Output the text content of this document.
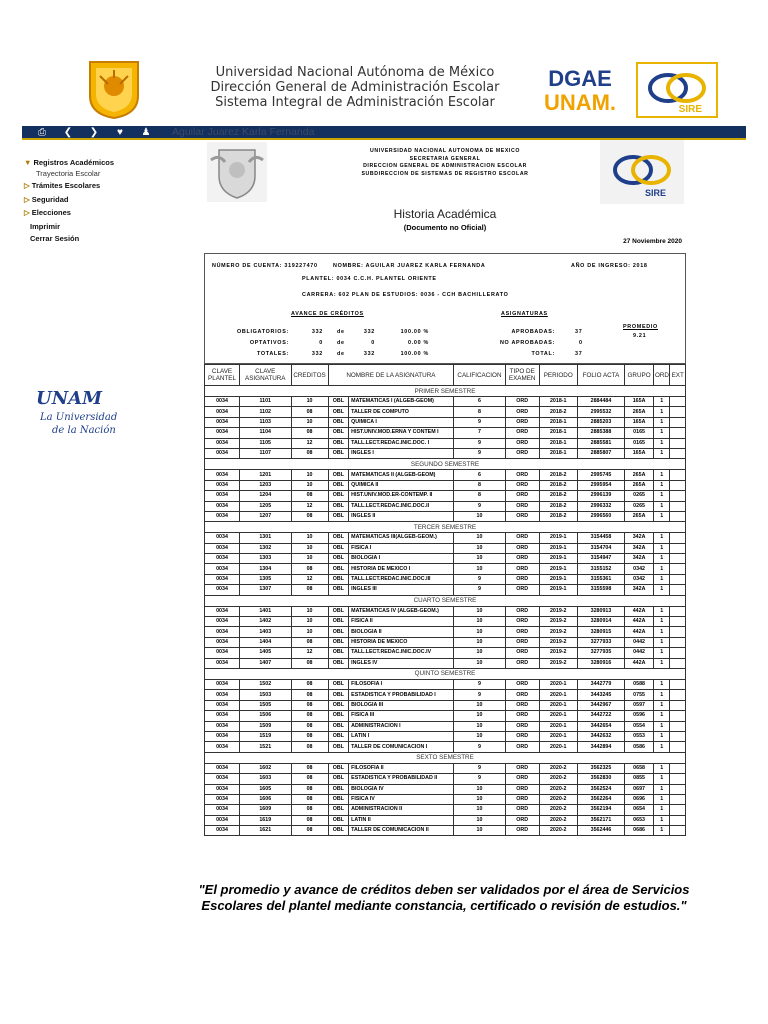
Universidad Nacional Autónoma de México
Dirección General de Administración Escolar
Sistema Integral de Administración Escolar
DGAE
UNAM.	SIRE
⎙ ❮ ❯	♥	♟ Aguilar Juarez Karla Fernanda
▼ Registros Académicos
Trayectoria Escolar
▷ Trámites Escolares
▷ Seguridad
▷ Elecciones
Imprimir
Cerrar Sesión
UNAM
La Universidad
de la Nación
UNIVERSIDAD NACIONAL AUTONOMA DE MEXICO
SECRETARIA GENERAL
DIRECCION GENERAL DE ADMINISTRACION ESCOLAR
SUBDIRECCION DE SISTEMAS DE REGISTRO ESCOLAR
SIRE
Historia Académica
(Documento no Oficial)
27 Noviembre 2020
NÚMERO DE CUENTA: 319227470	NOMBRE: AGUILAR JUAREZ KARLA FERNANDA	AÑO DE INGRESO: 2018
PLANTEL: 0034 C.C.H. PLANTEL ORIENTE
CARRERA: 602 PLAN DE ESTUDIOS: 0036 - CCH BACHILLERATO
AVANCE DE CRÉDITOS	ASIGNATURAS
OBLIGATORIOS:	332	de	332	100.00 %
OPTATIVOS:	0	de	0	0.00 %
TOTALES:	332	de	332	100.00 %
APROBADAS:	37
NO APROBADAS:	0
TOTAL:	37
PROMEDIO
9.21
CLAVE PLANTEL	CLAVE ASIGNATURA	CREDITOS	NOMBRE DE LA ASIGNATURA		CALIFICACION	TIPO DE EXAMEN	PERIODO	FOLIO ACTA	GRUPO	ORD	EXT
PRIMER SEMESTRE											
0034	1101	10	OBL	MATEMATICAS I (ALGEB-GEOM)	6	ORD	2018-1	2884484	165A	1	
0034	1102	08	OBL	TALLER DE COMPUTO	8	ORD	2018-2	2995532	265A	1	
0034	1103	10	OBL	QUIMICA I	9	ORD	2018-1	2885203	165A	1	
0034	1104	08	OBL	HIST.UNIV.MOD.ERNA Y CONTEM I	7	ORD	2018-1	2885388	0165	1	
0034	1105	12	OBL	TALL.LECT.REDAC.INIC.DOC. I	9	ORD	2018-1	2885581	0165	1	
0034	1107	08	OBL	INGLES I	9	ORD	2018-1	2885807	165A	1	
SEGUNDO SEMESTRE											
0034	1201	10	OBL	MATEMATICAS II (ALGEB-GEOM)	6	ORD	2018-2	2995745	265A	1	
0034	1203	10	OBL	QUIMICA II	8	ORD	2018-2	2995954	265A	1	
0034	1204	08	OBL	HIST.UNIV.MOD.ER-CONTEMP. II	8	ORD	2018-2	2996139	0265	1	
0034	1205	12	OBL	TALL.LECT.REDAC.INIC.DOC.II	9	ORD	2018-2	2996332	0265	1	
0034	1207	08	OBL	INGLES II	10	ORD	2018-2	2996560	265A	1	
TERCER SEMESTRE											
0034	1301	10	OBL	MATEMATICAS III(ALGEB-GEOM.)	10	ORD	2019-1	3154458	342A	1	
0034	1302	10	OBL	FISICA I	10	ORD	2019-1	3154704	342A	1	
0034	1303	10	OBL	BIOLOGIA I	10	ORD	2019-1	3154947	342A	1	
0034	1304	08	OBL	HISTORIA DE MEXICO I	10	ORD	2019-1	3155152	0342	1	
0034	1305	12	OBL	TALL.LECT.REDAC.INIC.DOC.III	9	ORD	2019-1	3155361	0342	1	
0034	1307	08	OBL	INGLES III	9	ORD	2019-1	3155598	342A	1	
CUARTO SEMESTRE											
0034	1401	10	OBL	MATEMATICAS IV (ALGEB-GEOM.)	10	ORD	2019-2	3280913	442A	1	
0034	1402	10	OBL	FISICA II	10	ORD	2019-2	3280914	442A	1	
0034	1403	10	OBL	BIOLOGIA II	10	ORD	2019-2	3280915	442A	1	
0034	1404	08	OBL	HISTORIA DE MEXICO	10	ORD	2019-2	3277933	0442	1	
0034	1405	12	OBL	TALL.LECT.REDAC.INIC.DOC.IV	10	ORD	2019-2	3277935	0442	1	
0034	1407	08	OBL	INGLES IV	10	ORD	2019-2	3280916	442A	1	
QUINTO SEMESTRE											
0034	1502	08	OBL	FILOSOFIA I	9	ORD	2020-1	3442779	0588	1	
0034	1503	08	OBL	ESTADISTICA Y PROBABILIDAD I	9	ORD	2020-1	3443245	0755	1	
0034	1505	08	OBL	BIOLOGIA III	10	ORD	2020-1	3442967	0597	1	
0034	1506	08	OBL	FISICA III	10	ORD	2020-1	3442722	0596	1	
0034	1509	08	OBL	ADMINISTRACION I	10	ORD	2020-1	3442654	0554	1	
0034	1519	08	OBL	LATIN I	10	ORD	2020-1	3442632	0553	1	
0034	1521	08	OBL	TALLER DE COMUNICACION I	9	ORD	2020-1	3442894	0586	1	
SEXTO SEMESTRE											
0034	1602	08	OBL	FILOSOFIA II	9	ORD	2020-2	3562325	0658	1	
0034	1603	08	OBL	ESTADISTICA Y PROBABILIDAD II	9	ORD	2020-2	3562830	0855	1	
0034	1605	08	OBL	BIOLOGIA IV	10	ORD	2020-2	3562524	0697	1	
0034	1606	08	OBL	FISICA IV	10	ORD	2020-2	3562264	0696	1	
0034	1609	08	OBL	ADMINISTRACION II	10	ORD	2020-2	3562194	0654	1	
0034	1619	08	OBL	LATIN II	10	ORD	2020-2	3562171	0653	1	
0034	1621	08	OBL	TALLER DE COMUNICACION II	10	ORD	2020-2	3562446	0686	1	
"El promedio y avance de créditos deben ser validados por el área de Servicios Escolares del plantel mediante constancia, certificado o revisión de estudios."
